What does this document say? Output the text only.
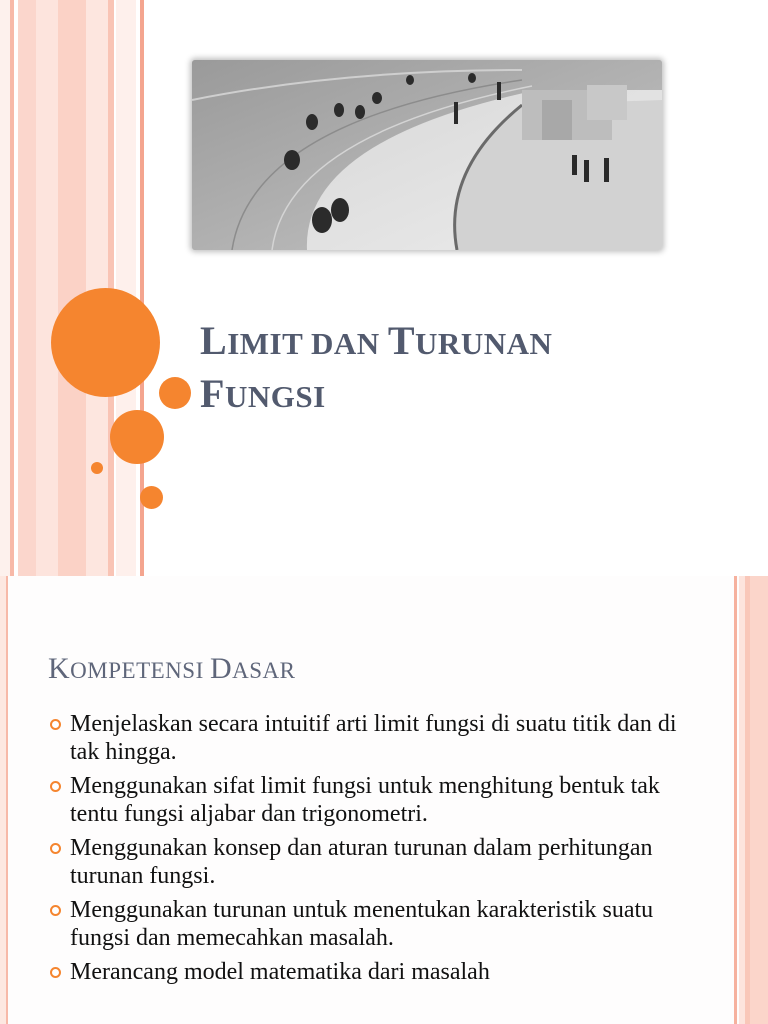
LIMIT DAN TURUNAN
FUNGSI
KOMPETENSI DASAR
Menjelaskan secara intuitif arti limit fungsi di suatu titik dan di tak hingga.
Menggunakan sifat limit fungsi untuk menghitung bentuk tak tentu fungsi aljabar dan trigonometri.
Menggunakan konsep dan aturan turunan dalam perhitungan turunan fungsi.
Menggunakan turunan untuk menentukan karakteristik suatu fungsi dan memecahkan masalah.
Merancang model matematika dari masalah
